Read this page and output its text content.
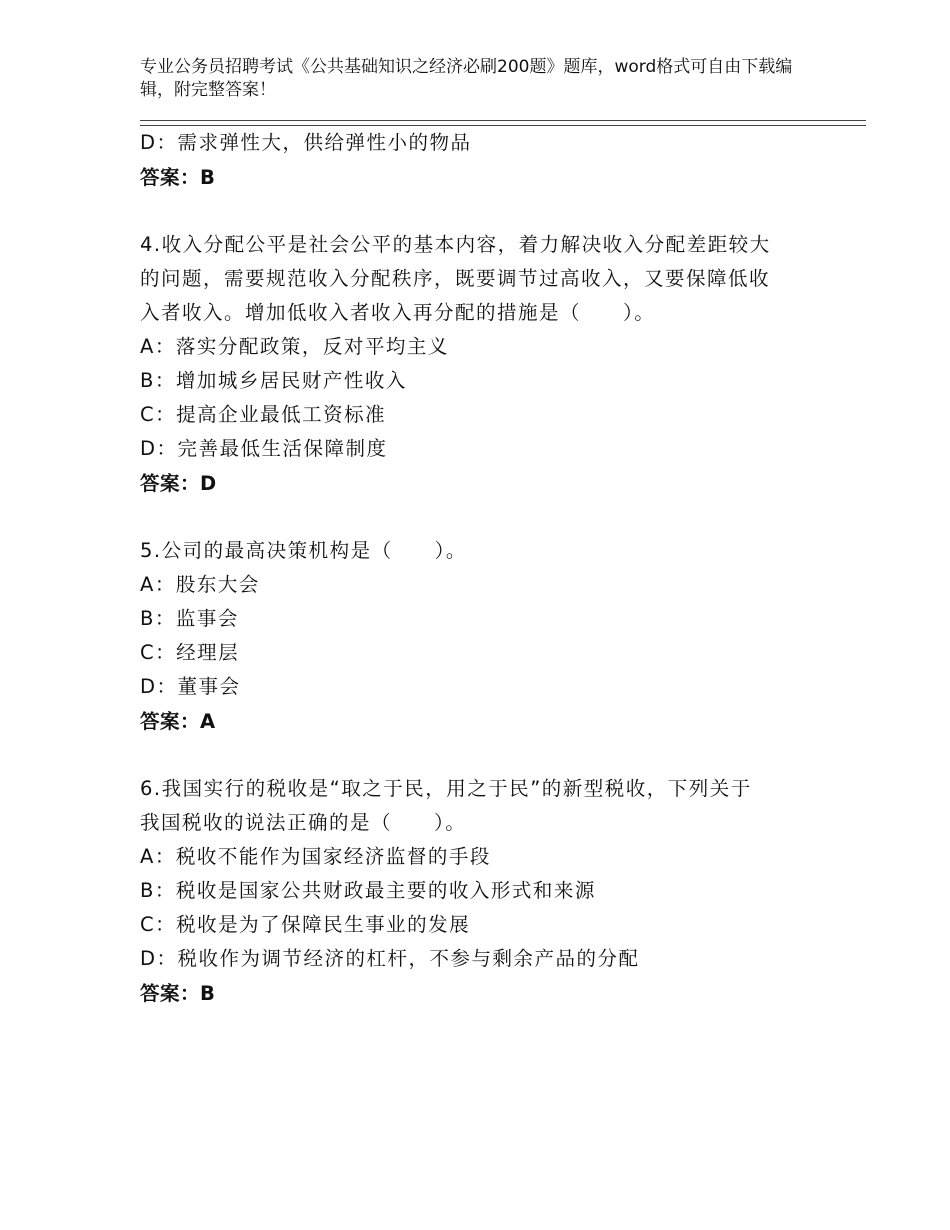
专业公务员招聘考试《公共基础知识之经济必刷200题》题库，word格式可自由下载编辑，附完整答案！
D：需求弹性大，供给弹性小的物品
答案：B
4.收入分配公平是社会公平的基本内容，着力解决收入分配差距较大
的问题，需要规范收入分配秩序，既要调节过高收入，又要保障低收
入者收入。增加低收入者收入再分配的措施是（　　）。
A：落实分配政策，反对平均主义
B：增加城乡居民财产性收入
C：提高企业最低工资标准
D：完善最低生活保障制度
答案：D
5.公司的最高决策机构是（　　）。
A：股东大会
B：监事会
C：经理层
D：董事会
答案：A
6.我国实行的税收是“取之于民，用之于民”的新型税收，下列关于
我国税收的说法正确的是（　　）。
A：税收不能作为国家经济监督的手段
B：税收是国家公共财政最主要的收入形式和来源
C：税收是为了保障民生事业的发展
D：税收作为调节经济的杠杆，不参与剩余产品的分配
答案：B
